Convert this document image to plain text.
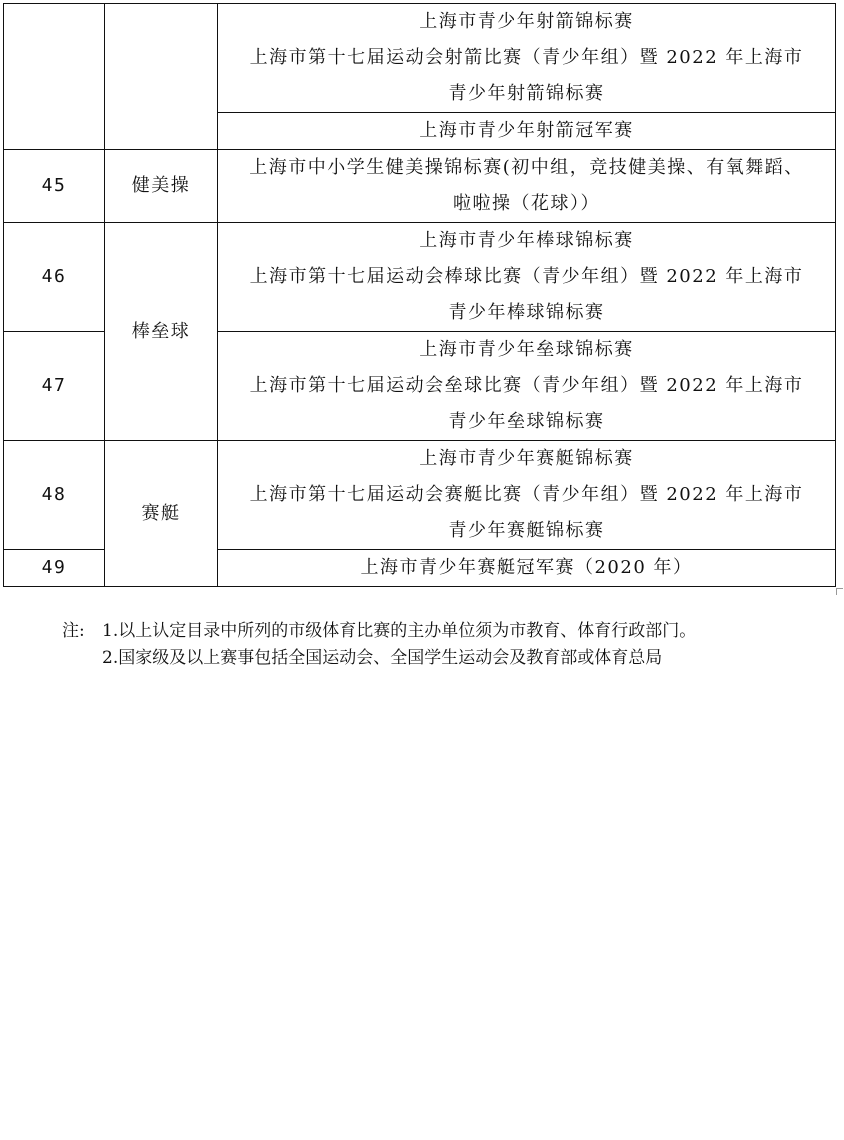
		上海市青少年射箭锦标赛
上海市第十七届运动会射箭比赛（青少年组）暨 2022 年上海市
青少年射箭锦标赛

		上海市青少年射箭冠军赛

45	健美操	上海市中小学生健美操锦标赛(初中组，竞技健美操、有氧舞蹈、
啦啦操（花球））

46	棒垒球	上海市青少年棒球锦标赛
上海市第十七届运动会棒球比赛（青少年组）暨 2022 年上海市
青少年棒球锦标赛

47		上海市青少年垒球锦标赛
上海市第十七届运动会垒球比赛（青少年组）暨 2022 年上海市
青少年垒球锦标赛

48	赛艇	上海市青少年赛艇锦标赛
上海市第十七届运动会赛艇比赛（青少年组）暨 2022 年上海市
青少年赛艇锦标赛

49		上海市青少年赛艇冠军赛（2020 年）
注:	1.以上认定目录中所列的市级体育比赛的主办单位须为市教育、体育行政部门。
2.国家级及以上赛事包括全国运动会、全国学生运动会及教育部或体育总局
